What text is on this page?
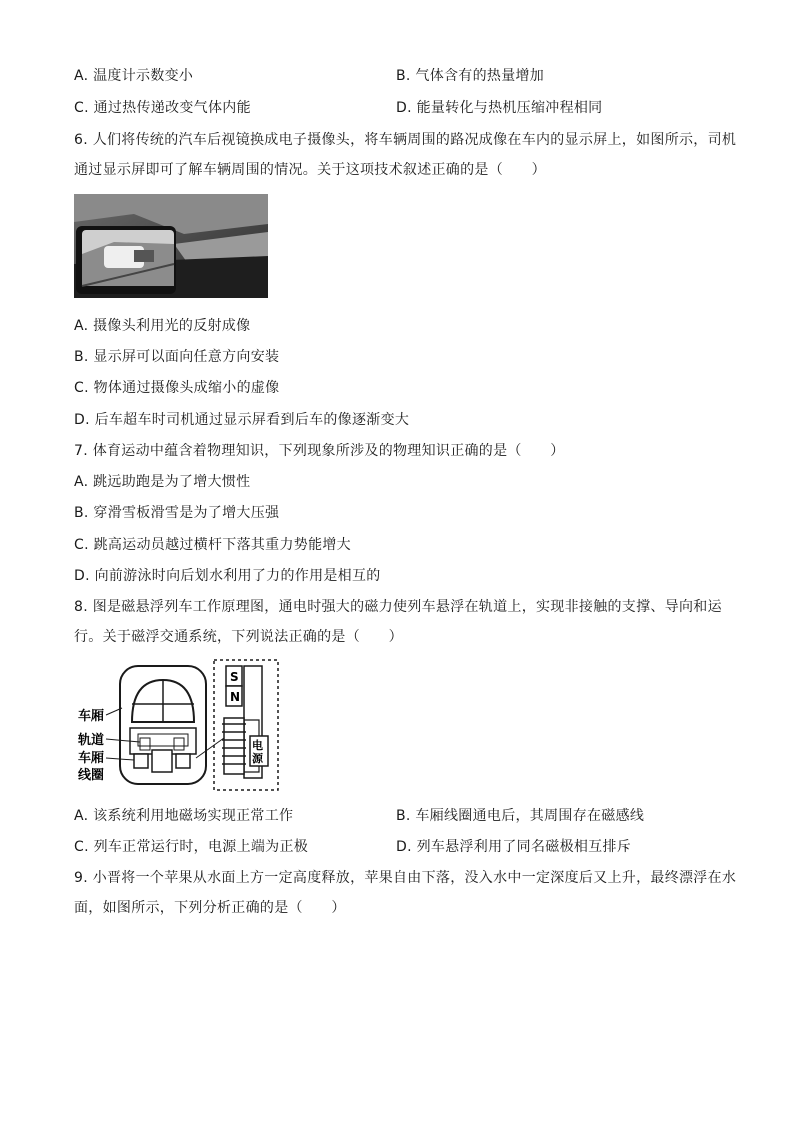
A. 温度计示数变小	B. 气体含有的热量增加
C. 通过热传递改变气体内能	D. 能量转化与热机压缩冲程相同
6. 人们将传统的汽车后视镜换成电子摄像头，将车辆周围的路况成像在车内的显示屏上，如图所示，司机
通过显示屏即可了解车辆周围的情况。关于这项技术叙述正确的是（　　）
A. 摄像头利用光的反射成像
B. 显示屏可以面向任意方向安装
C. 物体通过摄像头成缩小的虚像
D. 后车超车时司机通过显示屏看到后车的像逐渐变大
7. 体育运动中蕴含着物理知识，下列现象所涉及的物理知识正确的是（　　）
A. 跳远助跑是为了增大惯性
B. 穿滑雪板滑雪是为了增大压强
C. 跳高运动员越过横杆下落其重力势能增大
D. 向前游泳时向后划水利用了力的作用是相互的
8. 图是磁悬浮列车工作原理图，通电时强大的磁力使列车悬浮在轨道上，实现非接触的支撑、导向和运
行。关于磁浮交通系统，下列说法正确的是（　　）
车厢
轨道
车厢
线圈
S
N
电
源
A. 该系统利用地磁场实现正常工作	B. 车厢线圈通电后，其周围存在磁感线
C. 列车正常运行时，电源上端为正极	D. 列车悬浮利用了同名磁极相互排斥
9. 小晋将一个苹果从水面上方一定高度释放，苹果自由下落，没入水中一定深度后又上升，最终漂浮在水
面，如图所示，下列分析正确的是（　　）
